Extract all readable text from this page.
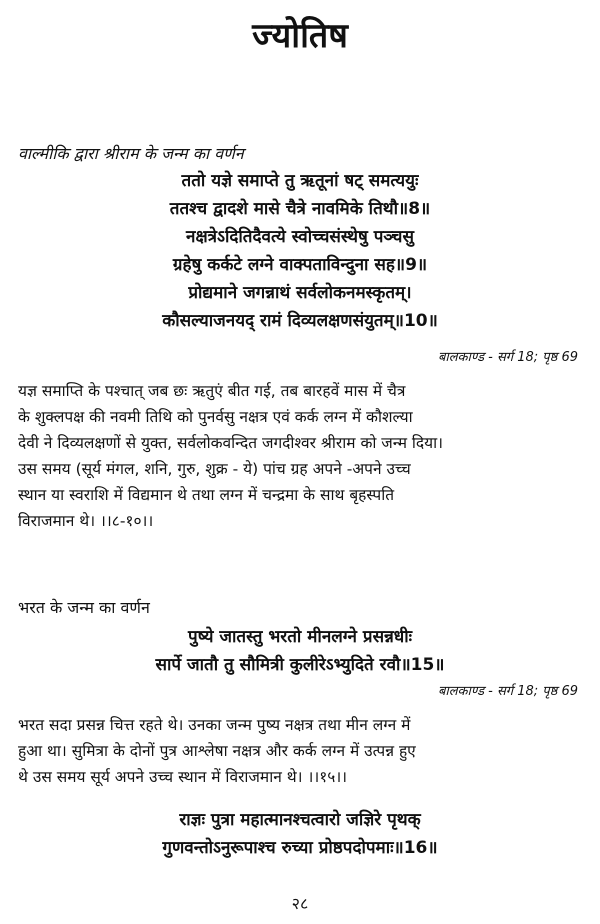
ज्योतिष
वाल्मीकि द्वारा श्रीराम के जन्म का वर्णन
ततो यज्ञे समाप्ते तु ऋतूनां षट् समत्ययुः
ततश्च द्वादशे मासे चैत्रे नावमिके तिथौ॥8॥
नक्षत्रेऽदितिदैवत्ये स्वोच्चसंस्थेषु पञ्चसु
ग्रहेषु कर्कटे लग्ने वाक्पताविन्दुना सह॥9॥
प्रोद्यमाने जगन्नाथं सर्वलोकनमस्कृतम्।
कौसल्याजनयद् रामं दिव्यलक्षणसंयुतम्॥10॥
बालकाण्ड - सर्ग 18; पृष्ठ 69
यज्ञ समाप्ति के पश्चात् जब छः ऋतुएं बीत गई, तब बारहवें मास में चैत्र
के शुक्लपक्ष की नवमी तिथि को पुनर्वसु नक्षत्र एवं कर्क लग्न में कौशल्या
देवी ने दिव्यलक्षणों से युक्त, सर्वलोकवन्दित जगदीश्वर श्रीराम को जन्म दिया।
उस समय (सूर्य मंगल, शनि, गुरु, शुक्र - ये) पांच ग्रह अपने -अपने उच्च
स्थान या स्वराशि में विद्यमान थे तथा लग्न में चन्द्रमा के साथ बृहस्पति
विराजमान थे। ।।८-१०।।
भरत के जन्म का वर्णन
पुष्ये जातस्तु भरतो मीनलग्ने प्रसन्नधीः
सार्पे जातौ तु सौमित्री कुलीरेऽभ्युदिते रवौ॥15॥
बालकाण्ड - सर्ग 18; पृष्ठ 69
भरत सदा प्रसन्न चित्त रहते थे। उनका जन्म पुष्य नक्षत्र तथा मीन लग्न में
हुआ था। सुमित्रा के दोनों पुत्र आश्लेषा नक्षत्र और कर्क लग्न में उत्पन्न हुए
थे उस समय सूर्य अपने उच्च स्थान में विराजमान थे। ।।१५।।
राज्ञः पुत्रा महात्मानश्चत्वारो जज्ञिरे पृथक्
गुणवन्तोऽनुरूपाश्च रुच्या प्रोष्ठपदोपमाः॥16॥
२८
